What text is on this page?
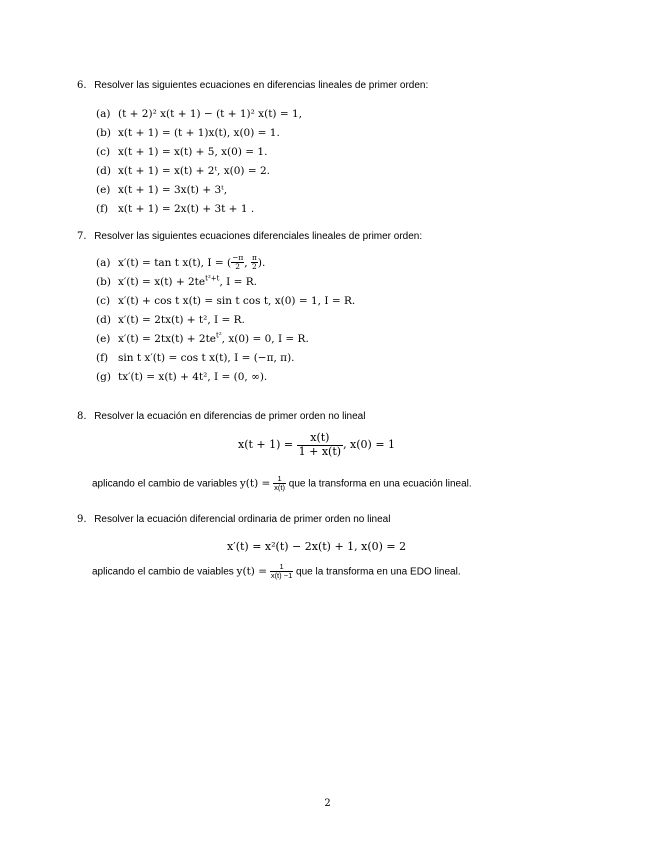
6. Resolver las siguientes ecuaciones en diferencias lineales de primer orden:
(a) (t + 2)² x(t + 1) − (t + 1)² x(t) = 1,
(b) x(t + 1) = (t + 1)x(t), x(0) = 1.
(c) x(t + 1) = x(t) + 5, x(0) = 1.
(d) x(t + 1) = x(t) + 2ᵗ, x(0) = 2.
(e) x(t + 1) = 3x(t) + 3ᵗ,
(f) x(t + 1) = 2x(t) + 3t + 1 .
7. Resolver las siguientes ecuaciones diferenciales lineales de primer orden:
(a) x′(t) = tan t x(t), I = ( $\frac{-\pi}{2}$ , $\frac{\pi}{2}$ ).
(b) $x'(t) = x(t) + 2te^{t^2+t}$, I = R.
(c) x′(t) + cos t x(t) = sin t cos t, x(0) = 1, I = R.
(d) x′(t) = 2tx(t) + t², I = R.
(e) $x'(t) = 2tx(t) + 2te^{t^2}$, x(0) = 0, I = R.
(f) sin t x′(t) = cos t x(t), I = (−π, π).
(g) tx′(t) = x(t) + 4t², I = (0, ∞).
8. Resolver la ecuación en diferencias de primer orden no lineal
$x(t + 1) = \frac{x(t)}{1 + x(t)}$ , x(0) = 1
aplicando el cambio de variables $y(t) = \frac{1}{x(t)}$ que la transforma en una ecuación lineal.
9. Resolver la ecuación diferencial ordinaria de primer orden no lineal
x′(t) = x²(t) − 2x(t) + 1, x(0) = 2
aplicando el cambio de vaiables $y(t) = \frac{1}{x(t) -1}$ que la transforma en una EDO lineal.
2
